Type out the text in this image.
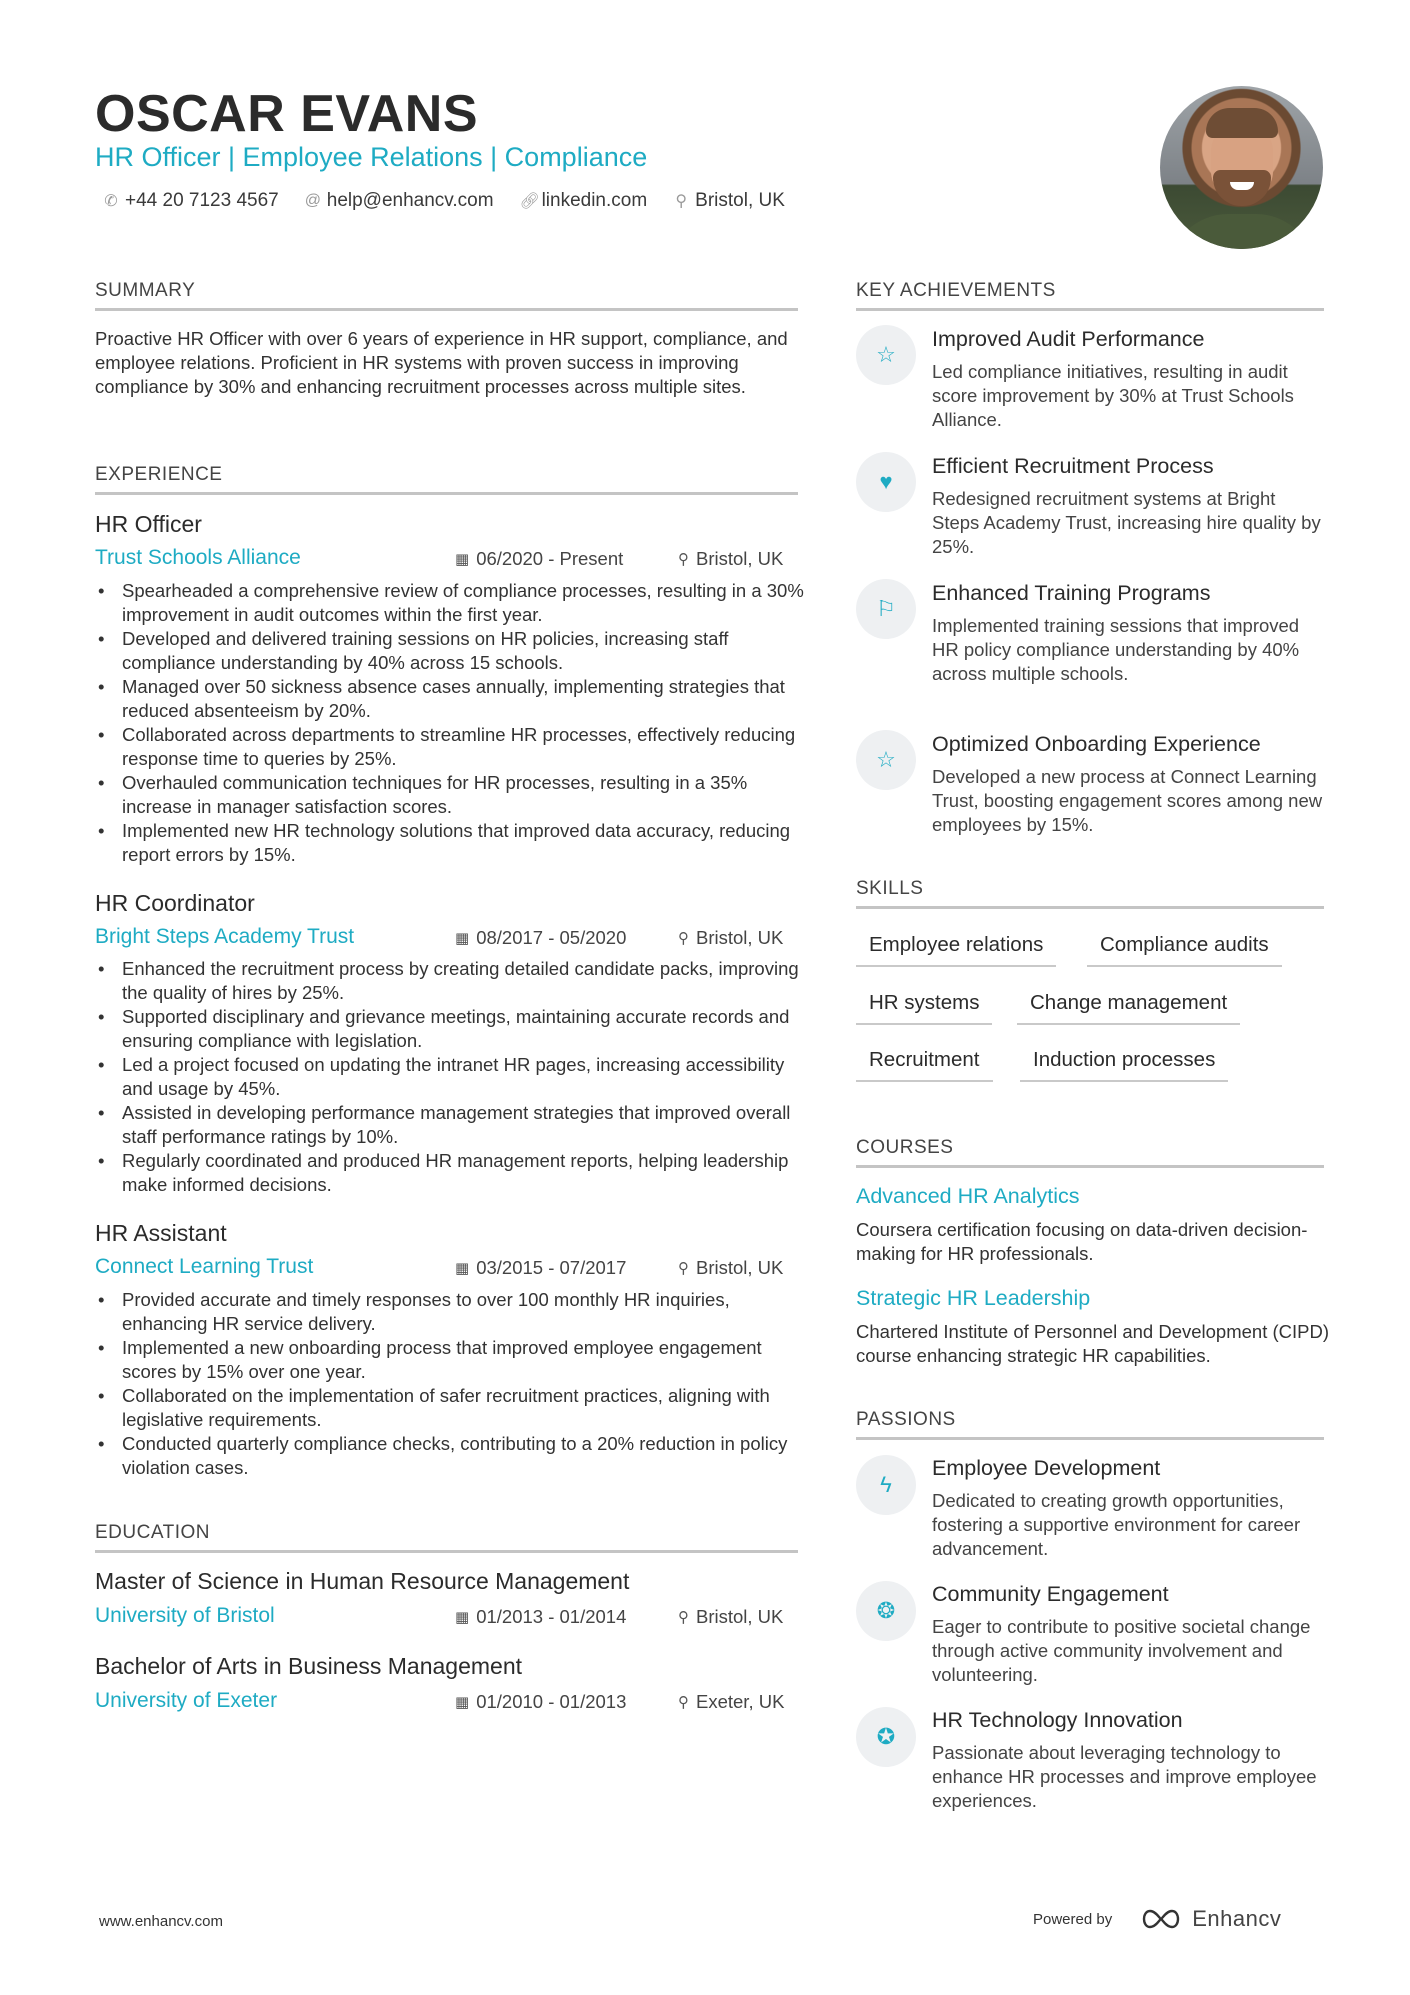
OSCAR EVANS
HR Officer | Employee Relations | Compliance
✆ +44 20 7123 4567 @ help@enhancv.com 🔗︎ linkedin.com ⚲ Bristol, UK
SUMMARY
Proactive HR Officer with over 6 years of experience in HR support, compliance, and employee relations. Proficient in HR systems with proven success in improving compliance by 30% and enhancing recruitment processes across multiple sites.
EXPERIENCE
HR Officer
Trust Schools Alliance	▦ 06/2020 - Present	⚲ Bristol, UK
• Spearheaded a comprehensive review of compliance processes, resulting in a 30% improvement in audit outcomes within the first year.
• Developed and delivered training sessions on HR policies, increasing staff compliance understanding by 40% across 15 schools.
• Managed over 50 sickness absence cases annually, implementing strategies that reduced absenteeism by 20%.
• Collaborated across departments to streamline HR processes, effectively reducing response time to queries by 25%.
• Overhauled communication techniques for HR processes, resulting in a 35% increase in manager satisfaction scores.
• Implemented new HR technology solutions that improved data accuracy, reducing report errors by 15%.
HR Coordinator
Bright Steps Academy Trust	▦ 08/2017 - 05/2020	⚲ Bristol, UK
• Enhanced the recruitment process by creating detailed candidate packs, improving the quality of hires by 25%.
• Supported disciplinary and grievance meetings, maintaining accurate records and ensuring compliance with legislation.
• Led a project focused on updating the intranet HR pages, increasing accessibility and usage by 45%.
• Assisted in developing performance management strategies that improved overall staff performance ratings by 10%.
• Regularly coordinated and produced HR management reports, helping leadership make informed decisions.
HR Assistant
Connect Learning Trust	▦ 03/2015 - 07/2017	⚲ Bristol, UK
• Provided accurate and timely responses to over 100 monthly HR inquiries, enhancing HR service delivery.
• Implemented a new onboarding process that improved employee engagement scores by 15% over one year.
• Collaborated on the implementation of safer recruitment practices, aligning with legislative requirements.
• Conducted quarterly compliance checks, contributing to a 20% reduction in policy violation cases.
EDUCATION
Master of Science in Human Resource Management
University of Bristol	▦ 01/2013 - 01/2014	⚲ Bristol, UK
Bachelor of Arts in Business Management
University of Exeter	▦ 01/2010 - 01/2013	⚲ Exeter, UK
KEY ACHIEVEMENTS
☆
Improved Audit Performance
Led compliance initiatives, resulting in audit score improvement by 30% at Trust Schools Alliance.
♥
Efficient Recruitment Process
Redesigned recruitment systems at Bright Steps Academy Trust, increasing hire quality by 25%.
⚐
Enhanced Training Programs
Implemented training sessions that improved HR policy compliance understanding by 40% across multiple schools.
☆
Optimized Onboarding Experience
Developed a new process at Connect Learning Trust, boosting engagement scores among new employees by 15%.
SKILLS
Employee relations	Compliance audits
HR systems	Change management
Recruitment	Induction processes
COURSES
Advanced HR Analytics
Coursera certification focusing on data-driven decision-making for HR professionals.
Strategic HR Leadership
Chartered Institute of Personnel and Development (CIPD) course enhancing strategic HR capabilities.
PASSIONS
ϟ
Employee Development
Dedicated to creating growth opportunities, fostering a supportive environment for career advancement.
❂
Community Engagement
Eager to contribute to positive societal change through active community involvement and volunteering.
✪
HR Technology Innovation
Passionate about leveraging technology to enhance HR processes and improve employee experiences.
www.enhancv.com	Powered by	Enhancv
